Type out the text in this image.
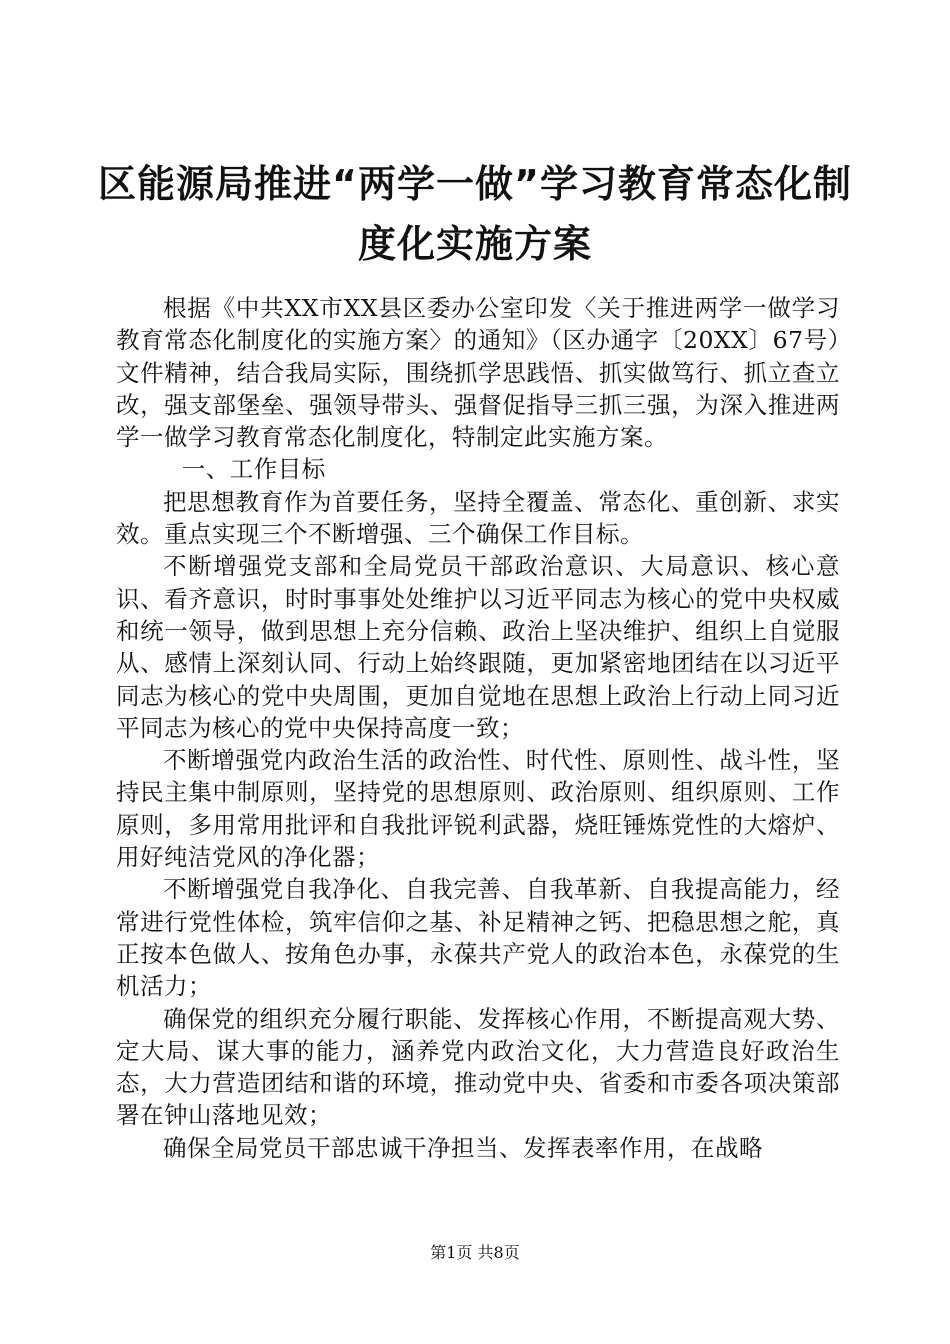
区能源局推进“两学一做”学习教育常态化制
度化实施方案

根据《中共XX市XX县区委办公室印发〈关于推进两学一做学习教育常态化制度化的实施方案〉的通知》（区办通字〔20XX〕67号）文件精神，结合我局实际，围绕抓学思践悟、抓实做笃行、抓立查立改，强支部堡垒、强领导带头、强督促指导三抓三强，为深入推进两学一做学习教育常态化制度化，特制定此实施方案。

一、工作目标

把思想教育作为首要任务，坚持全覆盖、常态化、重创新、求实效。重点实现三个不断增强、三个确保工作目标。

不断增强党支部和全局党员干部政治意识、大局意识、核心意识、看齐意识，时时事事处处维护以习近平同志为核心的党中央权威和统一领导，做到思想上充分信赖、政治上坚决维护、组织上自觉服从、感情上深刻认同、行动上始终跟随，更加紧密地团结在以习近平同志为核心的党中央周围，更加自觉地在思想上政治上行动上同习近平同志为核心的党中央保持高度一致；

不断增强党内政治生活的政治性、时代性、原则性、战斗性，坚持民主集中制原则，坚持党的思想原则、政治原则、组织原则、工作原则，多用常用批评和自我批评锐利武器，烧旺锤炼党性的大熔炉、用好纯洁党风的净化器；

不断增强党自我净化、自我完善、自我革新、自我提高能力，经常进行党性体检，筑牢信仰之基、补足精神之钙、把稳思想之舵，真正按本色做人、按角色办事，永葆共产党人的政治本色，永葆党的生机活力；

确保党的组织充分履行职能、发挥核心作用，不断提高观大势、定大局、谋大事的能力，涵养党内政治文化，大力营造良好政治生态，大力营造团结和谐的环境，推动党中央、省委和市委各项决策部署在钟山落地见效；

确保全局党员干部忠诚干净担当、发挥表率作用，在战略

第1页 共8页
